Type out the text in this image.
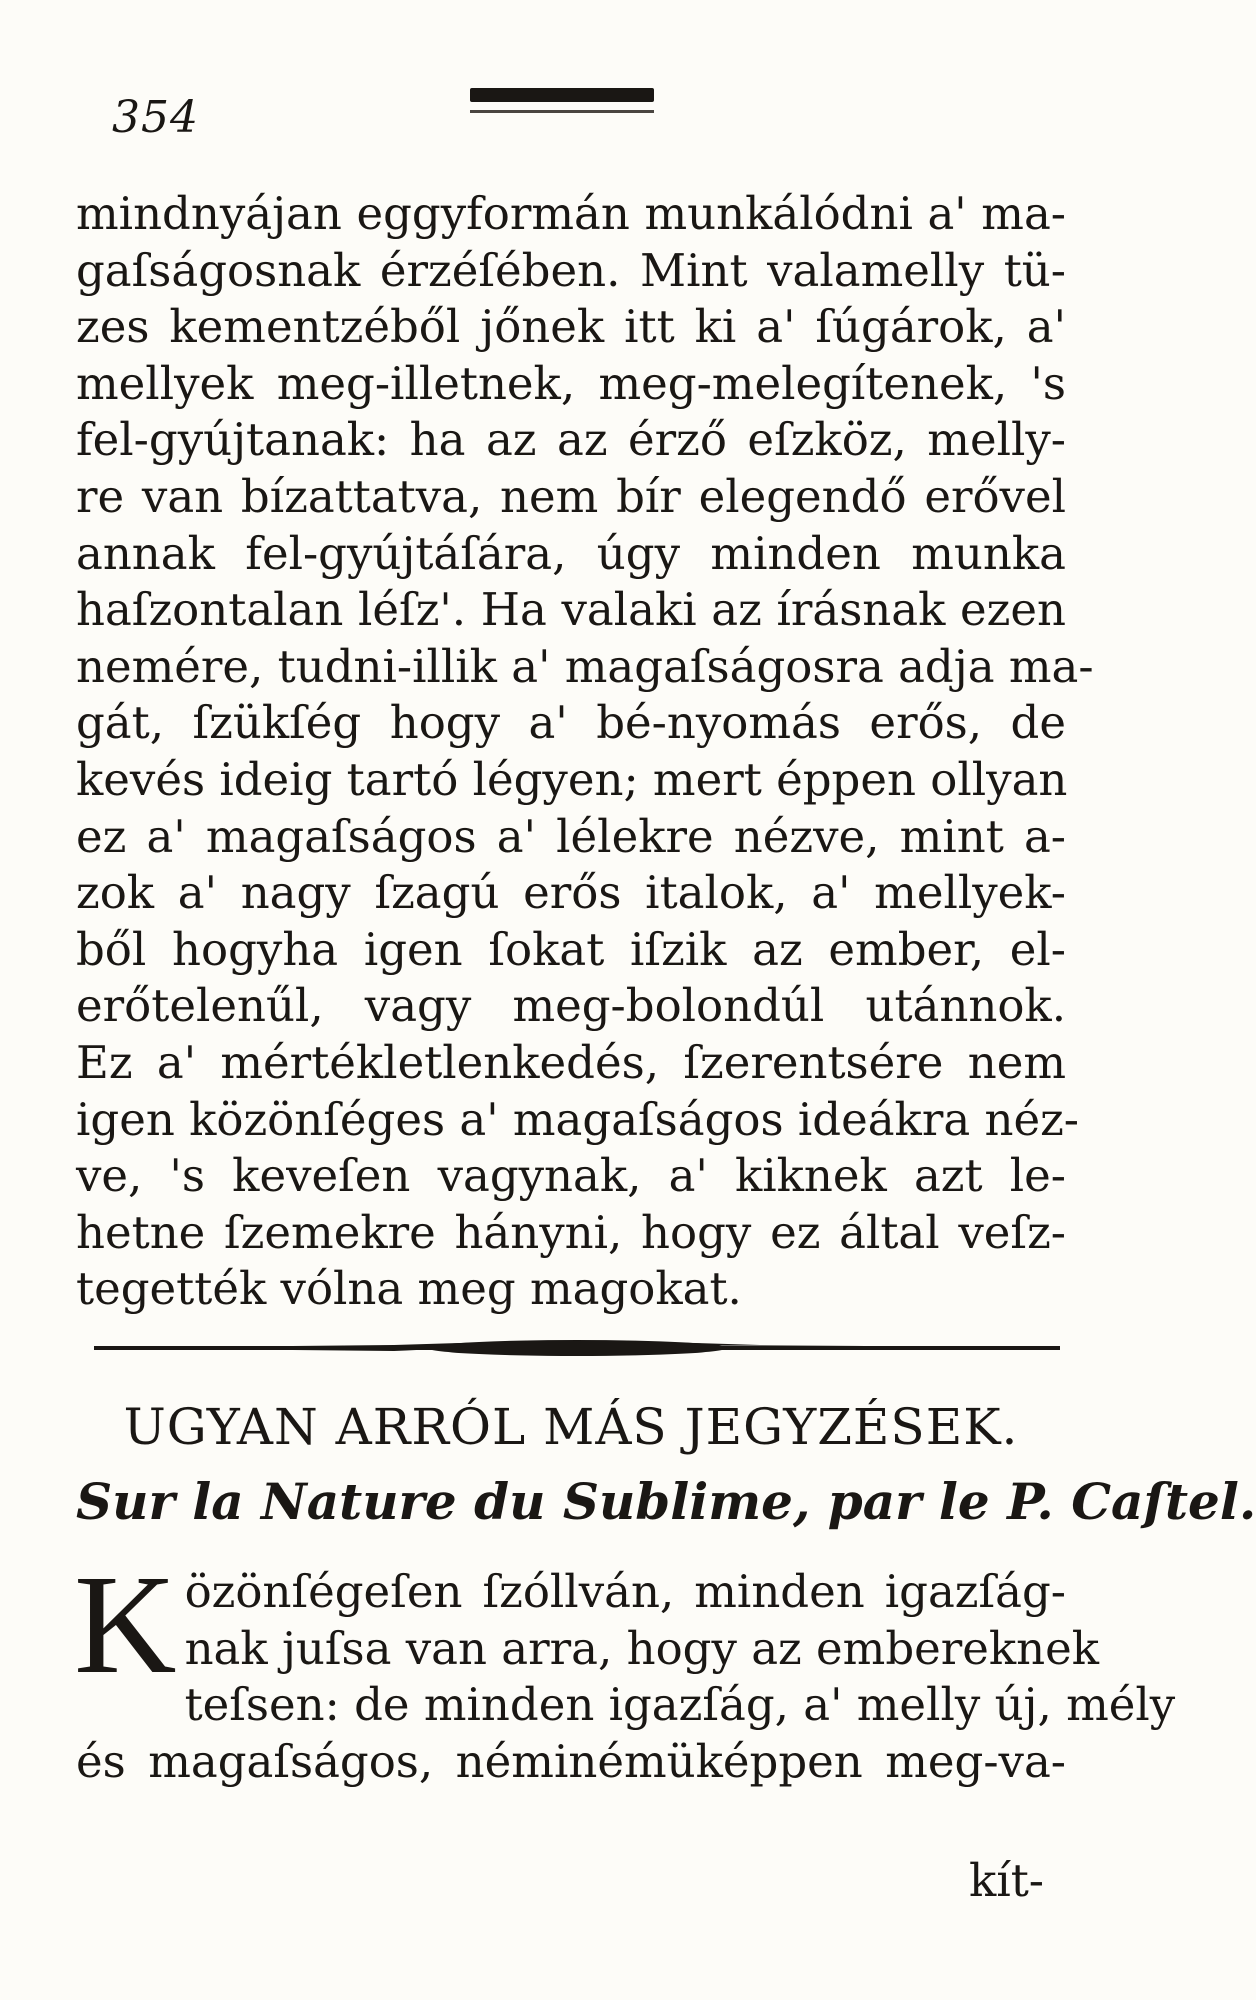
354
mindnyájan eggyformán munkálódni a' ma-
gaſságosnak érzéſében. Mint valamelly tü-
zes kementzéből jőnek itt ki a' ſúgárok, a'
mellyek meg-illetnek, meg-melegítenek, 's
fel-gyújtanak: ha az az érző eſzköz, melly-
re van bízattatva, nem bír elegendő erővel
annak fel-gyújtáſára, úgy minden munka
haſzontalan léſz'. Ha valaki az írásnak ezen
nemére, tudni-illik a' magaſságosra adja ma-
gát, ſzükſég hogy a' bé-nyomás erős, de
kevés ideig tartó légyen; mert éppen ollyan
ez a' magaſságos a' lélekre nézve, mint a-
zok a' nagy ſzagú erős italok, a' mellyek-
ből hogyha igen ſokat iſzik az ember, el-
erőtelenűl, vagy meg-bolondúl utánnok.
Ez a' mértékletlenkedés, ſzerentsére nem
igen közönſéges a' magaſságos ideákra néz-
ve, 's keveſen vagynak, a' kiknek azt le-
hetne ſzemekre hányni, hogy ez által veſz-
tegették vólna meg magokat.
UGYAN ARRÓL MÁS JEGYZÉSEK.
Sur la Nature du Sublime, par le P. Caſtel.
K özönſégeſen ſzóllván, minden igazſág-
nak juſsa van arra, hogy az embereknek
teſsen: de minden igazſág, a' melly új, mély
és magaſságos, néminémüképpen meg-va-
kít-
